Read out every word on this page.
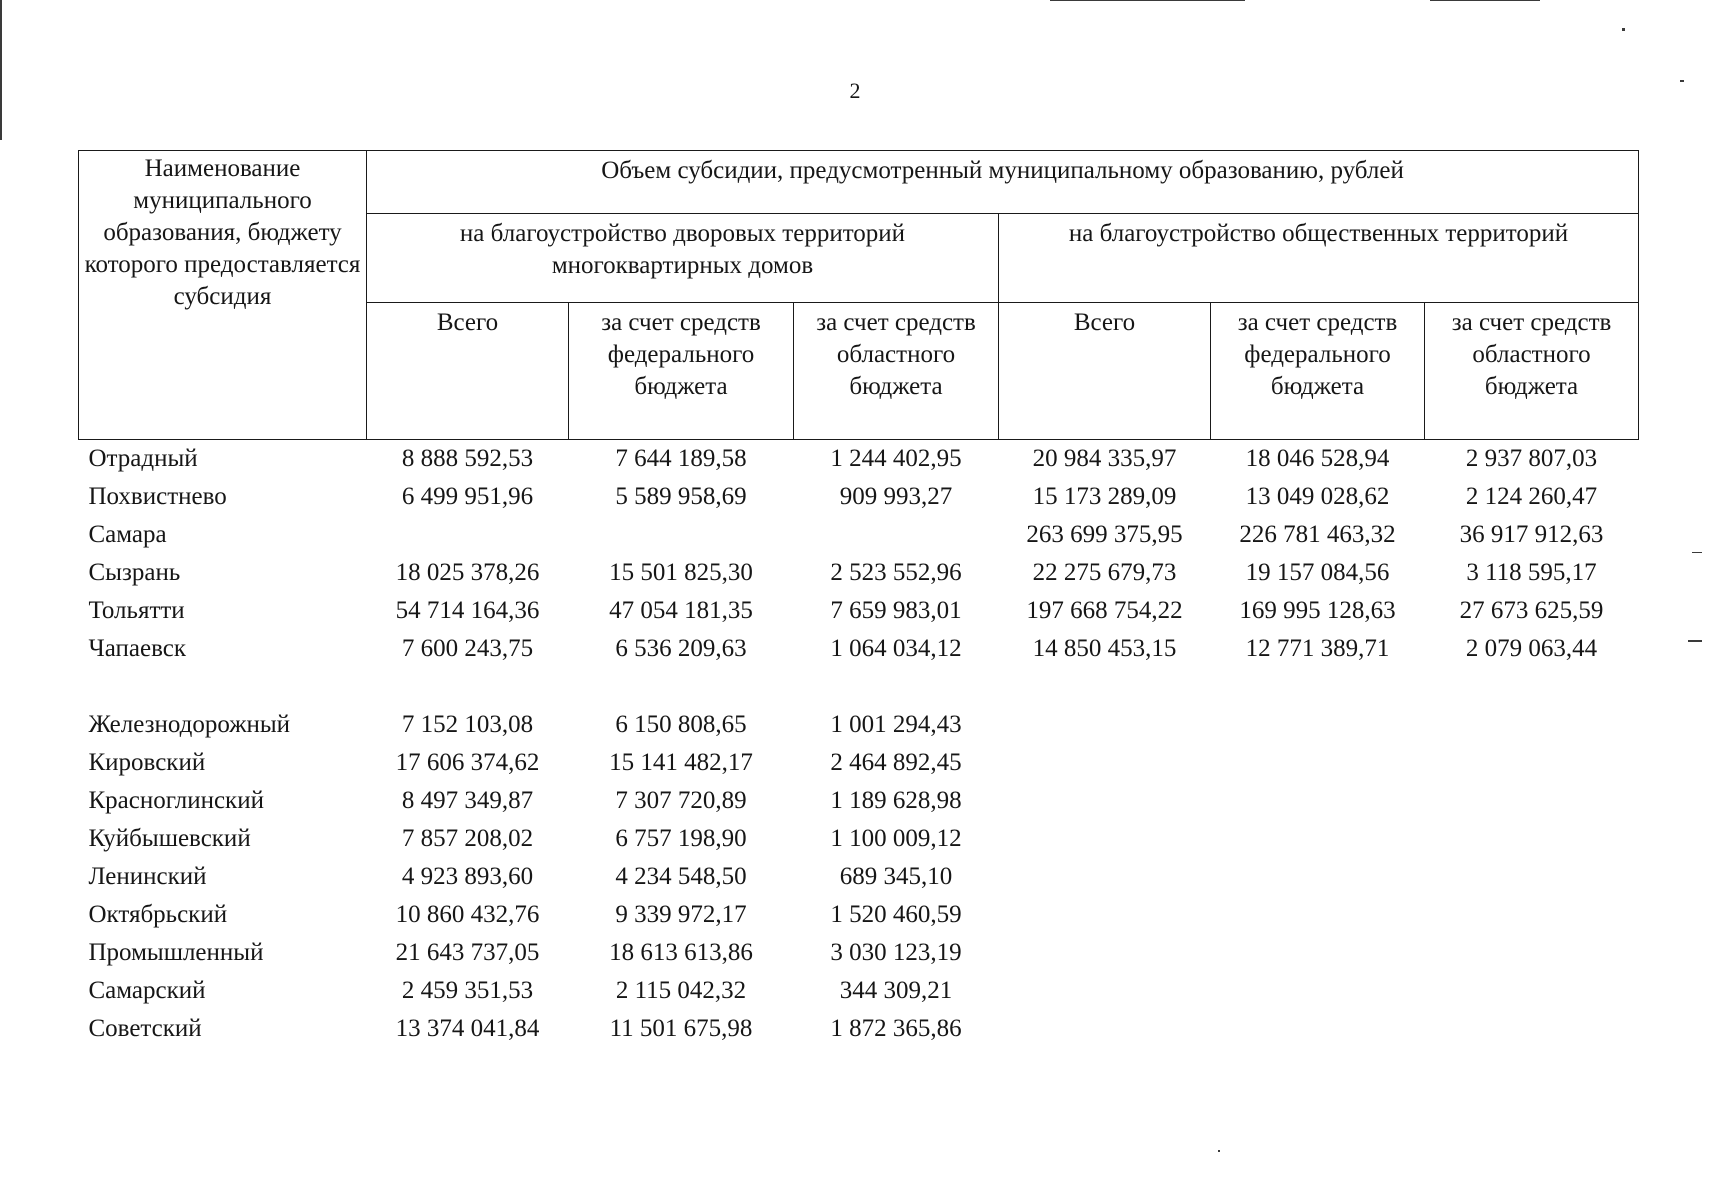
2
Наименование муниципального образования, бюджету которого предоставляется субсидия	Объем субсидии, предусмотренный муниципальному образованию, рублей					
	на благоустройство дворовых территорий многоквартирных домов			на благоустройство общественных территорий		
	Всего	за счет средств федерального бюджета	за счет средств областного бюджета	Всего	за счет средств федерального бюджета	за счет средств областного бюджета
Отрадный	8 888 592,53	7 644 189,58	1 244 402,95	20 984 335,97	18 046 528,94	2 937 807,03
Похвистнево	6 499 951,96	5 589 958,69	909 993,27	15 173 289,09	13 049 028,62	2 124 260,47
Самара				263 699 375,95	226 781 463,32	36 917 912,63
Сызрань	18 025 378,26	15 501 825,30	2 523 552,96	22 275 679,73	19 157 084,56	3 118 595,17
Тольятти	54 714 164,36	47 054 181,35	7 659 983,01	197 668 754,22	169 995 128,63	27 673 625,59
Чапаевск	7 600 243,75	6 536 209,63	1 064 034,12	14 850 453,15	12 771 389,71	2 079 063,44

Железнодорожный	7 152 103,08	6 150 808,65	1 001 294,43			
Кировский	17 606 374,62	15 141 482,17	2 464 892,45			
Красноглинский	8 497 349,87	7 307 720,89	1 189 628,98			
Куйбышевский	7 857 208,02	6 757 198,90	1 100 009,12			
Ленинский	4 923 893,60	4 234 548,50	689 345,10			
Октябрьский	10 860 432,76	9 339 972,17	1 520 460,59			
Промышленный	21 643 737,05	18 613 613,86	3 030 123,19			
Самарский	2 459 351,53	2 115 042,32	344 309,21			
Советский	13 374 041,84	11 501 675,98	1 872 365,86			
